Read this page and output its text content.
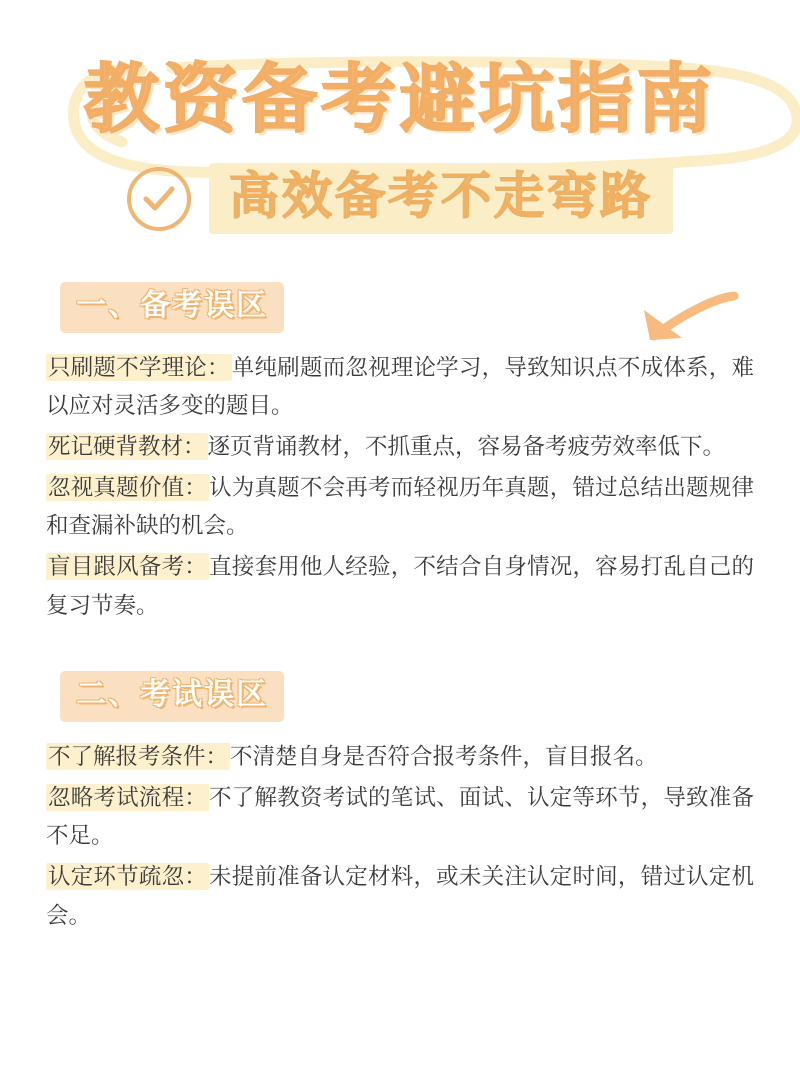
教资备考避坑指南
高效备考不走弯路
一、备考误区

只刷题不学理论：单纯刷题而忽视理论学习，导致知识点不成体系，难以应对灵活多变的题目。

死记硬背教材：逐页背诵教材，不抓重点，容易备考疲劳效率低下。

忽视真题价值：认为真题不会再考而轻视历年真题，错过总结出题规律和查漏补缺的机会。

盲目跟风备考：直接套用他人经验，不结合自身情况，容易打乱自己的复习节奏。

二、考试误区

不了解报考条件：不清楚自身是否符合报考条件，盲目报名。

忽略考试流程：不了解教资考试的笔试、面试、认定等环节，导致准备不足。

认定环节疏忽：未提前准备认定材料，或未关注认定时间，错过认定机会。
